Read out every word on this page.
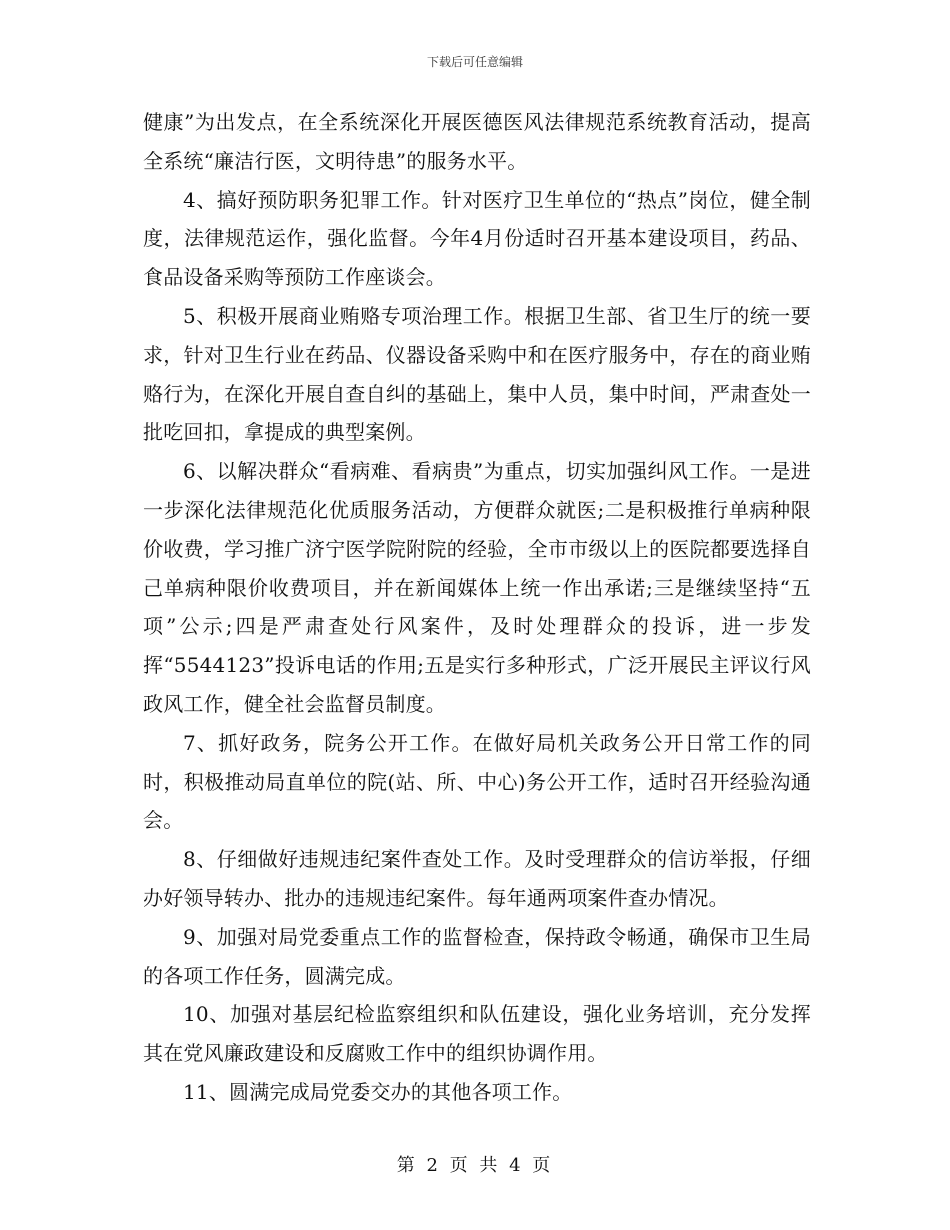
下载后可任意编辑

健康”为出发点，在全系统深化开展医德医风法律规范系统教育活动，提高全系统“廉洁行医，文明待患”的服务水平。

4、搞好预防职务犯罪工作。针对医疗卫生单位的“热点”岗位，健全制度，法律规范运作，强化监督。今年4月份适时召开基本建设项目，药品、食品设备采购等预防工作座谈会。

5、积极开展商业贿赂专项治理工作。根据卫生部、省卫生厅的统一要求，针对卫生行业在药品、仪器设备采购中和在医疗服务中，存在的商业贿赂行为，在深化开展自查自纠的基础上，集中人员，集中时间，严肃查处一批吃回扣，拿提成的典型案例。

6、以解决群众“看病难、看病贵”为重点，切实加强纠风工作。一是进一步深化法律规范化优质服务活动，方便群众就医;二是积极推行单病种限价收费，学习推广济宁医学院附院的经验，全市市级以上的医院都要选择自己单病种限价收费项目，并在新闻媒体上统一作出承诺;三是继续坚持“五项”公示;四是严肃查处行风案件，及时处理群众的投诉，进一步发挥“5544123”投诉电话的作用;五是实行多种形式，广泛开展民主评议行风政风工作，健全社会监督员制度。

7、抓好政务，院务公开工作。在做好局机关政务公开日常工作的同时，积极推动局直单位的院(站、所、中心)务公开工作，适时召开经验沟通会。

8、仔细做好违规违纪案件查处工作。及时受理群众的信访举报，仔细办好领导转办、批办的违规违纪案件。每年通两项案件查办情况。

9、加强对局党委重点工作的监督检查，保持政令畅通，确保市卫生局的各项工作任务，圆满完成。

10、加强对基层纪检监察组织和队伍建设，强化业务培训，充分发挥其在党风廉政建设和反腐败工作中的组织协调作用。

11、圆满完成局党委交办的其他各项工作。

第 2 页 共 4 页
